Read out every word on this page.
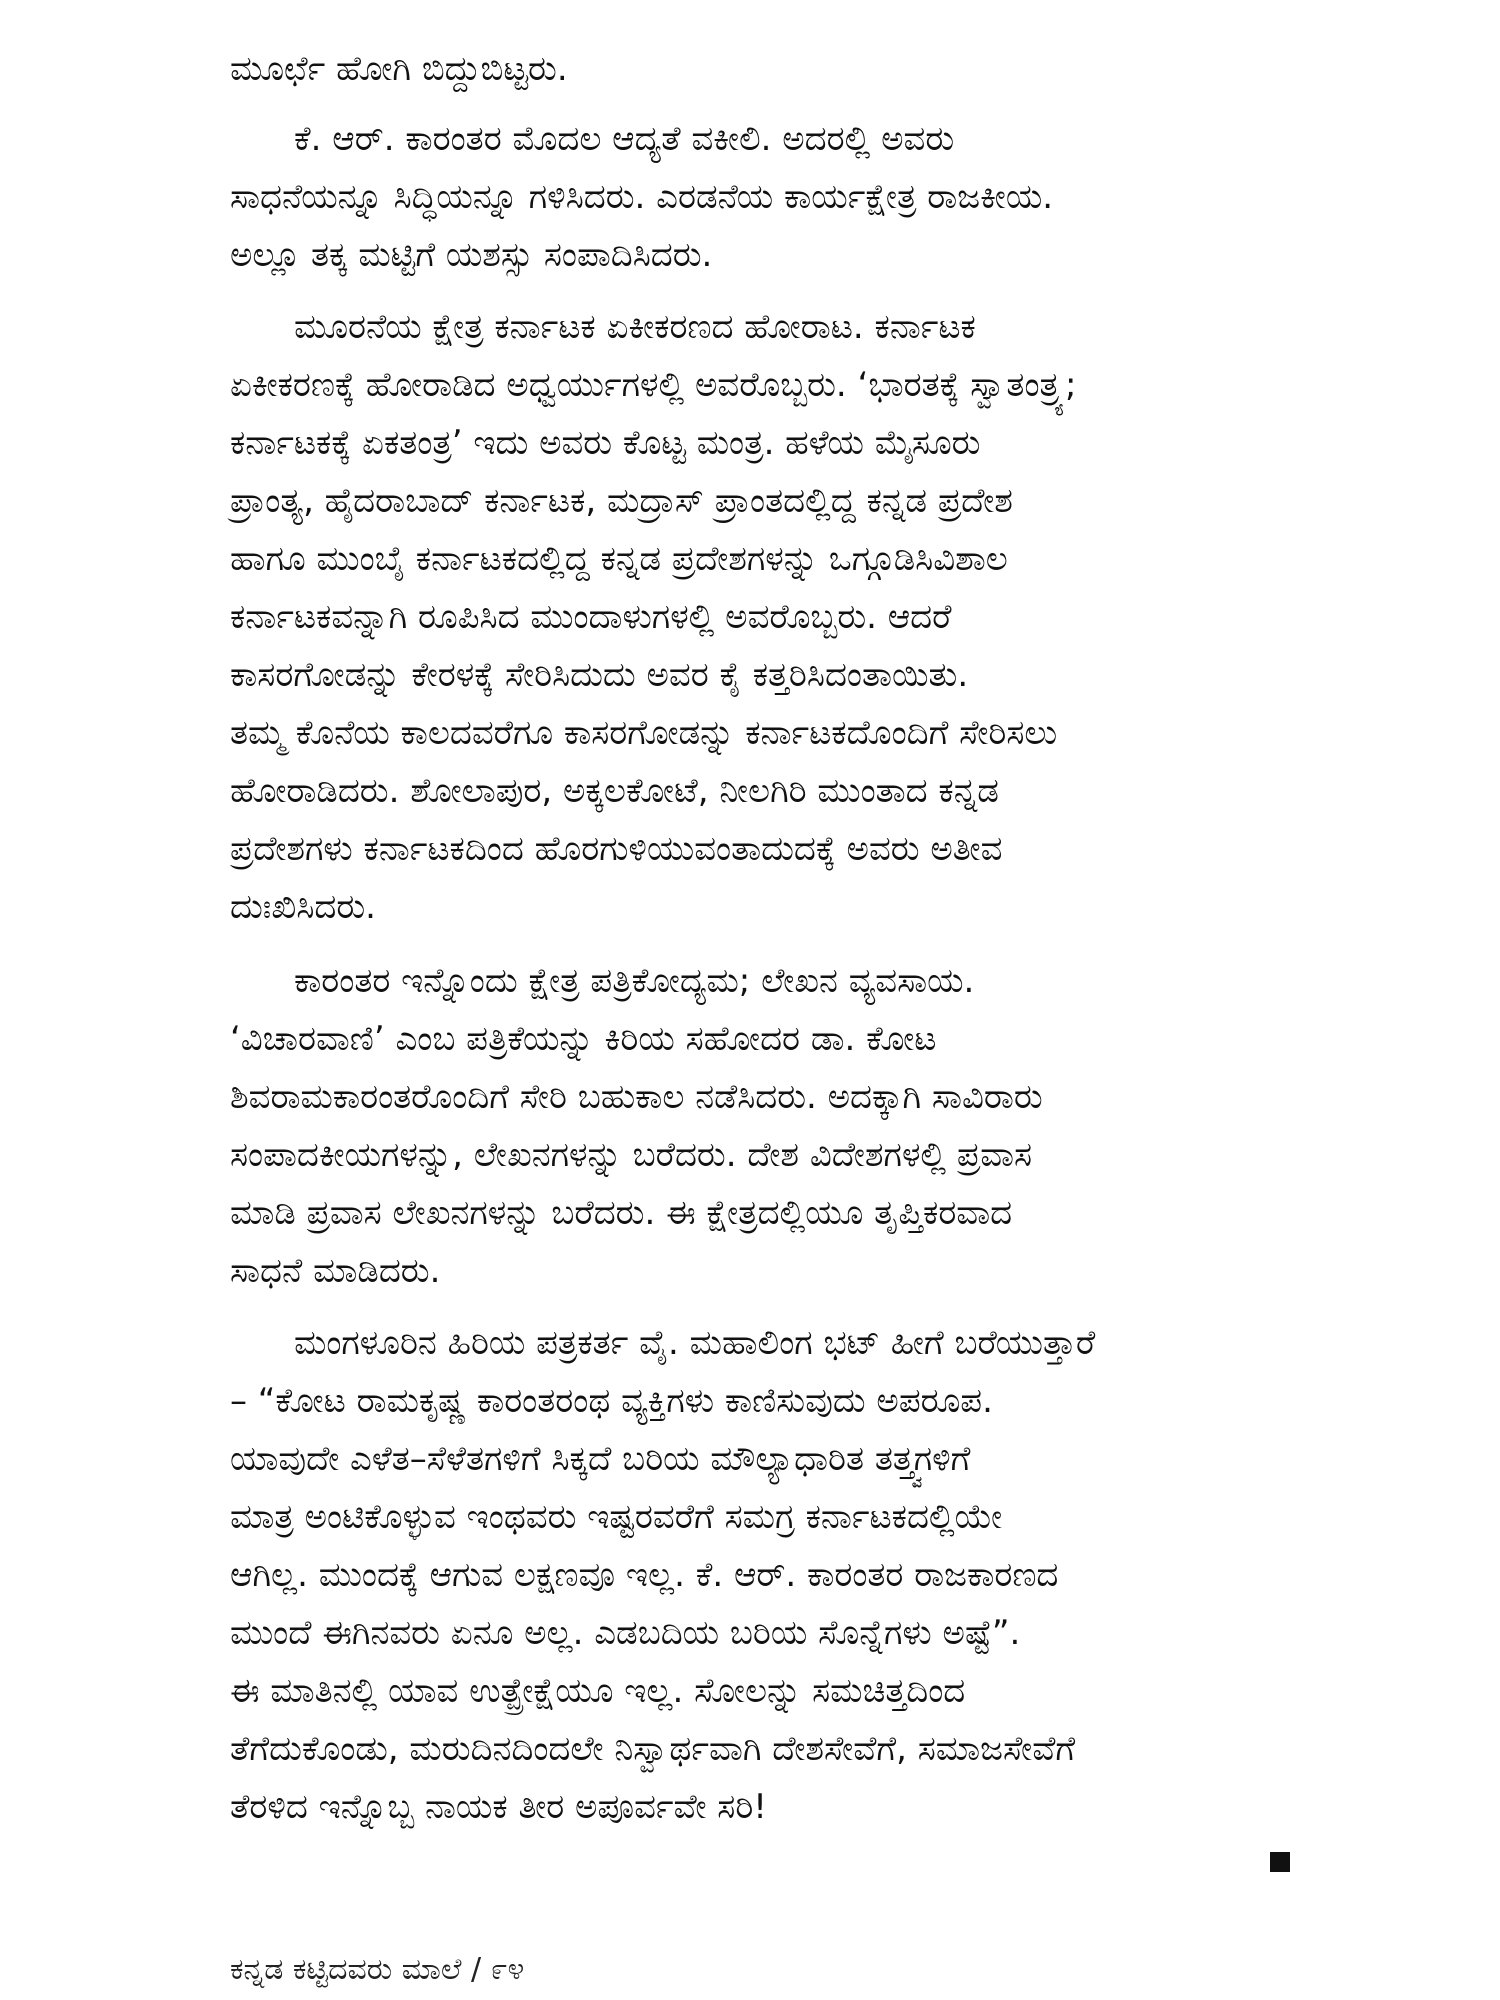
ಮೂರ್ಛೆ ಹೋಗಿ ಬಿದ್ದುಬಿಟ್ಟರು.

ಕೆ. ಆರ್. ಕಾರಂತರ ಮೊದಲ ಆದ್ಯತೆ ವಕೀಲಿ. ಅದರಲ್ಲಿ ಅವರು
ಸಾಧನೆಯನ್ನೂ ಸಿದ್ಧಿಯನ್ನೂ ಗಳಿಸಿದರು. ಎರಡನೆಯ ಕಾರ್ಯಕ್ಷೇತ್ರ ರಾಜಕೀಯ.
ಅಲ್ಲೂ ತಕ್ಕ ಮಟ್ಟಿಗೆ ಯಶಸ್ಸು ಸಂಪಾದಿಸಿದರು.

ಮೂರನೆಯ ಕ್ಷೇತ್ರ ಕರ್ನಾಟಕ ಏಕೀಕರಣದ ಹೋರಾಟ. ಕರ್ನಾಟಕ
ಏಕೀಕರಣಕ್ಕೆ ಹೋರಾಡಿದ ಅಧ್ವರ್ಯುಗಳಲ್ಲಿ ಅವರೊಬ್ಬರು. ‘ಭಾರತಕ್ಕೆ ಸ್ವಾತಂತ್ರ್ಯ;
ಕರ್ನಾಟಕಕ್ಕೆ ಏಕತಂತ್ರ’ ಇದು ಅವರು ಕೊಟ್ಟ ಮಂತ್ರ. ಹಳೆಯ ಮೈಸೂರು
ಪ್ರಾಂತ್ಯ, ಹೈದರಾಬಾದ್ ಕರ್ನಾಟಕ, ಮದ್ರಾಸ್ ಪ್ರಾಂತದಲ್ಲಿದ್ದ ಕನ್ನಡ ಪ್ರದೇಶ
ಹಾಗೂ ಮುಂಬೈ ಕರ್ನಾಟಕದಲ್ಲಿದ್ದ ಕನ್ನಡ ಪ್ರದೇಶಗಳನ್ನು ಒಗ್ಗೂಡಿಸಿವಿಶಾಲ
ಕರ್ನಾಟಕವನ್ನಾಗಿ ರೂಪಿಸಿದ ಮುಂದಾಳುಗಳಲ್ಲಿ ಅವರೊಬ್ಬರು. ಆದರೆ
ಕಾಸರಗೋಡನ್ನು ಕೇರಳಕ್ಕೆ ಸೇರಿಸಿದುದು ಅವರ ಕೈ ಕತ್ತರಿಸಿದಂತಾಯಿತು.
ತಮ್ಮ ಕೊನೆಯ ಕಾಲದವರೆಗೂ ಕಾಸರಗೋಡನ್ನು ಕರ್ನಾಟಕದೊಂದಿಗೆ ಸೇರಿಸಲು
ಹೋರಾಡಿದರು. ಶೋಲಾಪುರ, ಅಕ್ಕಲಕೋಟೆ, ನೀಲಗಿರಿ ಮುಂತಾದ ಕನ್ನಡ
ಪ್ರದೇಶಗಳು ಕರ್ನಾಟಕದಿಂದ ಹೊರಗುಳಿಯುವಂತಾದುದಕ್ಕೆ ಅವರು ಅತೀವ
ದುಃಖಿಸಿದರು.

ಕಾರಂತರ ಇನ್ನೊಂದು ಕ್ಷೇತ್ರ ಪತ್ರಿಕೋದ್ಯಮ; ಲೇಖನ ವ್ಯವಸಾಯ.
‘ವಿಚಾರವಾಣಿ’ ಎಂಬ ಪತ್ರಿಕೆಯನ್ನು ಕಿರಿಯ ಸಹೋದರ ಡಾ. ಕೋಟ
ಶಿವರಾಮಕಾರಂತರೊಂದಿಗೆ ಸೇರಿ ಬಹುಕಾಲ ನಡೆಸಿದರು. ಅದಕ್ಕಾಗಿ ಸಾವಿರಾರು
ಸಂಪಾದಕೀಯಗಳನ್ನು, ಲೇಖನಗಳನ್ನು ಬರೆದರು. ದೇಶ ವಿದೇಶಗಳಲ್ಲಿ ಪ್ರವಾಸ
ಮಾಡಿ ಪ್ರವಾಸ ಲೇಖನಗಳನ್ನು ಬರೆದರು. ಈ ಕ್ಷೇತ್ರದಲ್ಲಿಯೂ ತೃಪ್ತಿಕರವಾದ
ಸಾಧನೆ ಮಾಡಿದರು.

ಮಂಗಳೂರಿನ ಹಿರಿಯ ಪತ್ರಕರ್ತ ವೈ. ಮಹಾಲಿಂಗ ಭಟ್ ಹೀಗೆ ಬರೆಯುತ್ತಾರೆ
– “ಕೋಟ ರಾಮಕೃಷ್ಣ ಕಾರಂತರಂಥ ವ್ಯಕ್ತಿಗಳು ಕಾಣಿಸುವುದು ಅಪರೂಪ.
ಯಾವುದೇ ಎಳೆತ–ಸೆಳೆತಗಳಿಗೆ ಸಿಕ್ಕದೆ ಬರಿಯ ಮೌಲ್ಯಾಧಾರಿತ ತತ್ತ್ವಗಳಿಗೆ
ಮಾತ್ರ ಅಂಟಿಕೊಳ್ಳುವ ಇಂಥವರು ಇಷ್ಟರವರೆಗೆ ಸಮಗ್ರ ಕರ್ನಾಟಕದಲ್ಲಿಯೇ
ಆಗಿಲ್ಲ. ಮುಂದಕ್ಕೆ ಆಗುವ ಲಕ್ಷಣವೂ ಇಲ್ಲ. ಕೆ. ಆರ್. ಕಾರಂತರ ರಾಜಕಾರಣದ
ಮುಂದೆ ಈಗಿನವರು ಏನೂ ಅಲ್ಲ. ಎಡಬದಿಯ ಬರಿಯ ಸೊನ್ನೆಗಳು ಅಷ್ಟೆ”.
ಈ ಮಾತಿನಲ್ಲಿ ಯಾವ ಉತ್ಪ್ರೇಕ್ಷೆಯೂ ಇಲ್ಲ. ಸೋಲನ್ನು ಸಮಚಿತ್ತದಿಂದ
ತೆಗೆದುಕೊಂಡು, ಮರುದಿನದಿಂದಲೇ ನಿಸ್ವಾರ್ಥವಾಗಿ ದೇಶಸೇವೆಗೆ, ಸಮಾಜಸೇವೆಗೆ
ತೆರಳಿದ ಇನ್ನೊಬ್ಬ ನಾಯಕ ತೀರ ಅಪೂರ್ವವೇ ಸರಿ!

ಕನ್ನಡ ಕಟ್ಟಿದವರು ಮಾಲೆ / ೯೪
